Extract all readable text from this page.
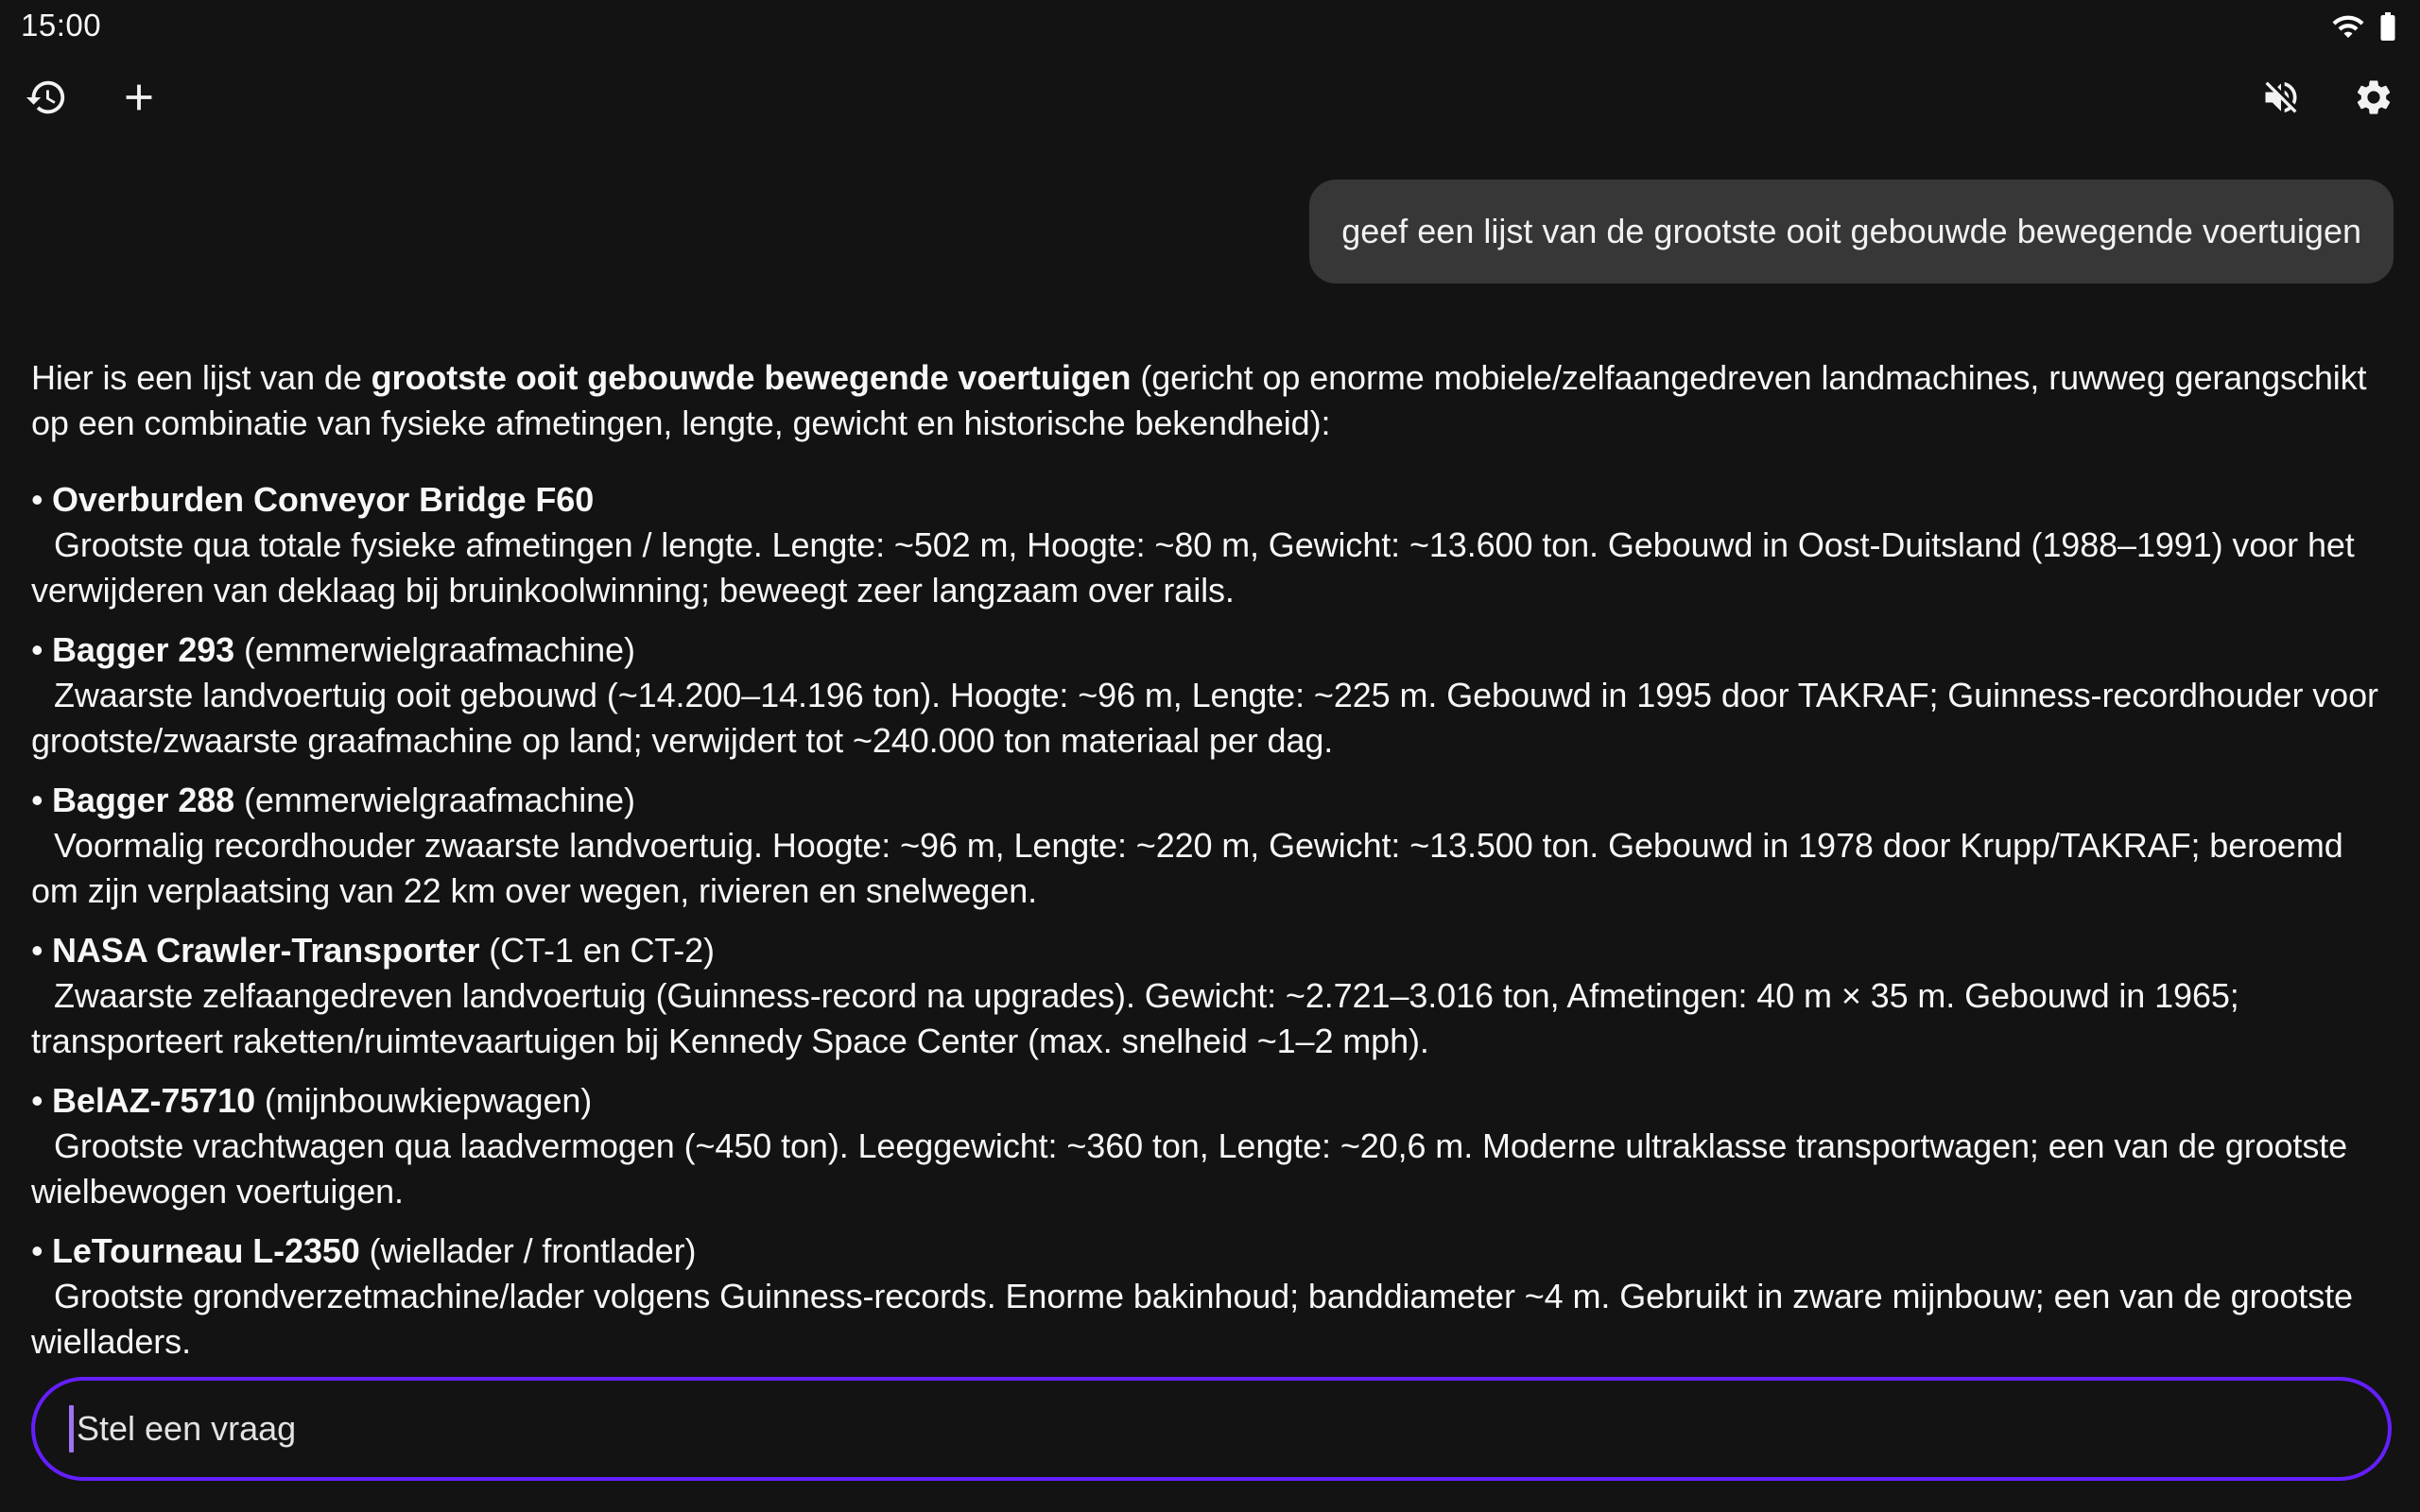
15:00
geef een lijst van de grootste ooit gebouwde bewegende voertuigen
Hier is een lijst van de grootste ooit gebouwde bewegende voertuigen (gericht op enorme mobiele/zelfaangedreven landmachines, ruwweg gerangschikt op een combinatie van fysieke afmetingen, lengte, gewicht en historische bekendheid):
• Overburden Conveyor Bridge F60
Grootste qua totale fysieke afmetingen / lengte. Lengte: ~502 m, Hoogte: ~80 m, Gewicht: ~13.600 ton. Gebouwd in Oost-Duitsland (1988–1991) voor het verwijderen van deklaag bij bruinkoolwinning; beweegt zeer langzaam over rails.
• Bagger 293 (emmerwielgraafmachine)
Zwaarste landvoertuig ooit gebouwd (~14.200–14.196 ton). Hoogte: ~96 m, Lengte: ~225 m. Gebouwd in 1995 door TAKRAF; Guinness-recordhouder voor grootste/zwaarste graafmachine op land; verwijdert tot ~240.000 ton materiaal per dag.
• Bagger 288 (emmerwielgraafmachine)
Voormalig recordhouder zwaarste landvoertuig. Hoogte: ~96 m, Lengte: ~220 m, Gewicht: ~13.500 ton. Gebouwd in 1978 door Krupp/TAKRAF; beroemd om zijn verplaatsing van 22 km over wegen, rivieren en snelwegen.
• NASA Crawler-Transporter (CT-1 en CT-2)
Zwaarste zelfaangedreven landvoertuig (Guinness-record na upgrades). Gewicht: ~2.721–3.016 ton, Afmetingen: 40 m × 35 m. Gebouwd in 1965; transporteert raketten/ruimtevaartuigen bij Kennedy Space Center (max. snelheid ~1–2 mph).
• BelAZ-75710 (mijnbouwkiepwagen)
Grootste vrachtwagen qua laadvermogen (~450 ton). Leeggewicht: ~360 ton, Lengte: ~20,6 m. Moderne ultraklasse transportwagen; een van de grootste wielbewogen voertuigen.
• LeTourneau L-2350 (wiellader / frontlader)
Grootste grondverzetmachine/lader volgens Guinness-records. Enorme bakinhoud; banddiameter ~4 m. Gebruikt in zware mijnbouw; een van de grootste wielladers.
Stel een vraag
